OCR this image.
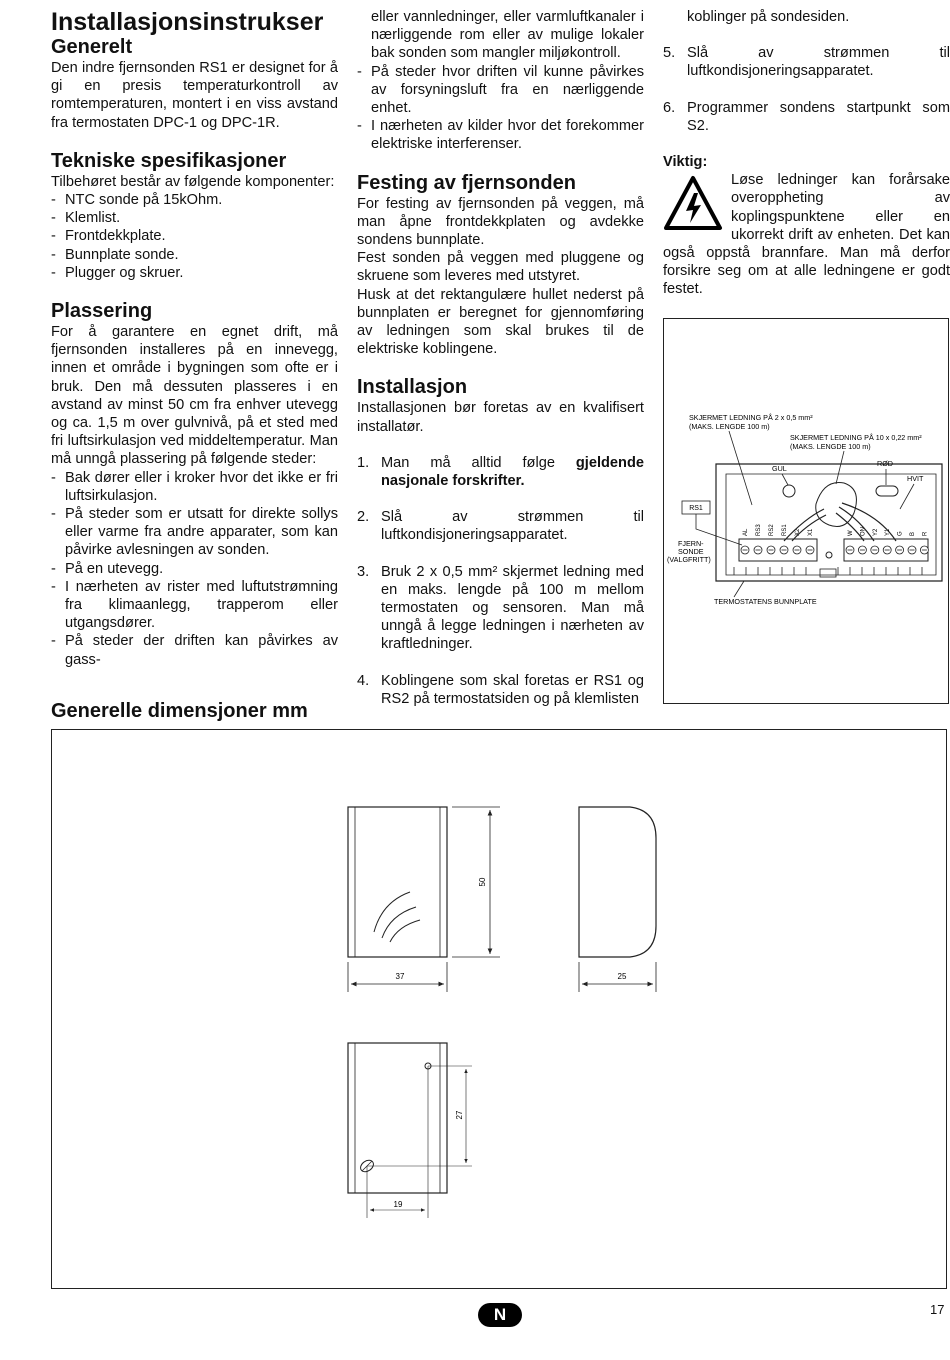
Installasjonsinstrukser
Generelt

Den indre fjernsonden RS1 er designet for å gi en presis temperaturkontroll av romtemperaturen, montert i en viss avstand fra termostaten DPC-1 og DPC-1R.

Tekniske spesifikasjoner

Tilbehøret består av følgende komponenter:

- NTC sonde på 15kOhm.
- Klemlist.
- Frontdekkplate.
- Bunnplate sonde.
- Plugger og skruer.
Plassering

For å garantere en egnet drift, må fjernsonden installeres på en innevegg, innen et område i bygningen som ofte er i bruk. Den må dessuten plasseres i en avstand av minst 50 cm fra enhver utevegg og ca. 1,5 m over gulvnivå, på et sted med fri luftsirkulasjon ved middeltemperatur. Man må unngå plassering på følgende steder:

- Bak dører eller i kroker hvor det ikke er fri luftsirkulasjon.
- På steder som er utsatt for direkte sollys eller varme fra andre apparater, som kan påvirke avlesningen av sonden.
- På en utevegg.
- I nærheten av rister med luftutstrømning fra klimaanlegg, trapperom eller utgangsdører.
- På steder der driften kan påvirkes av gass-
- eller vannledninger, eller varmluftkanaler i nærliggende rom eller av mulige lokaler bak sonden som mangler miljøkontroll.
- På steder hvor driften vil kunne påvirkes av forsyningsluft fra en nærliggende enhet.
- I nærheten av kilder hvor det forekommer elektriske interferenser.
Festing av fjernsonden

For festing av fjernsonden på veggen, må man åpne frontdekkplaten og avdekke sondens bunnplate.

Fest sonden på veggen med pluggene og skruene som leveres med utstyret.

Husk at det rektangulære hullet nederst på bunnplaten er beregnet for gjennomføring av ledningen som skal brukes til de elektriske koblingene.

Installasjon

Installasjonen bør foretas av en kvalifisert installatør.

1. Man må alltid følge gjeldende nasjonale forskrifter.
2. Slå av strømmen til luftkondisjoneringsapparatet.
3. Bruk 2 x 0,5 mm² skjermet ledning med en maks. lengde på 100 m mellom termostaten og sensoren. Man må unngå å legge ledningen i nærheten av kraftledninger.
4. Koblingene som skal foretas er RS1 og RS2 på termostatsiden og på klemlisten

koblinger på sondesiden.

5. Slå av strømmen til luftkondisjoneringsapparatet.
6. Programmer sondens startpunkt som S2.
Viktig:

Løse ledninger kan forårsake overoppheting av koplingspunktene eller en ukorrekt drift av enheten. Det kan også oppstå brannfare. Man må derfor forsikre seg om at alle ledningene er godt festet.

AL RS3 RS2 RS1 X2 X1	W ON Y2 Y1 G B R
RS1
SKJERMET LEDNING PÅ 2 x 0,5 mm²
(MAKS. LENGDE 100 m)
SKJERMET LEDNING PÅ 10 x 0,22 mm²
(MAKS. LENGDE 100 m)
GUL
RØD
HVIT
FJERN-
SONDE
(VALGFRITT)
TERMOSTATENS BUNNPLATE
Generelle dimensjoner mm
50
37	25
27
19
N	17
